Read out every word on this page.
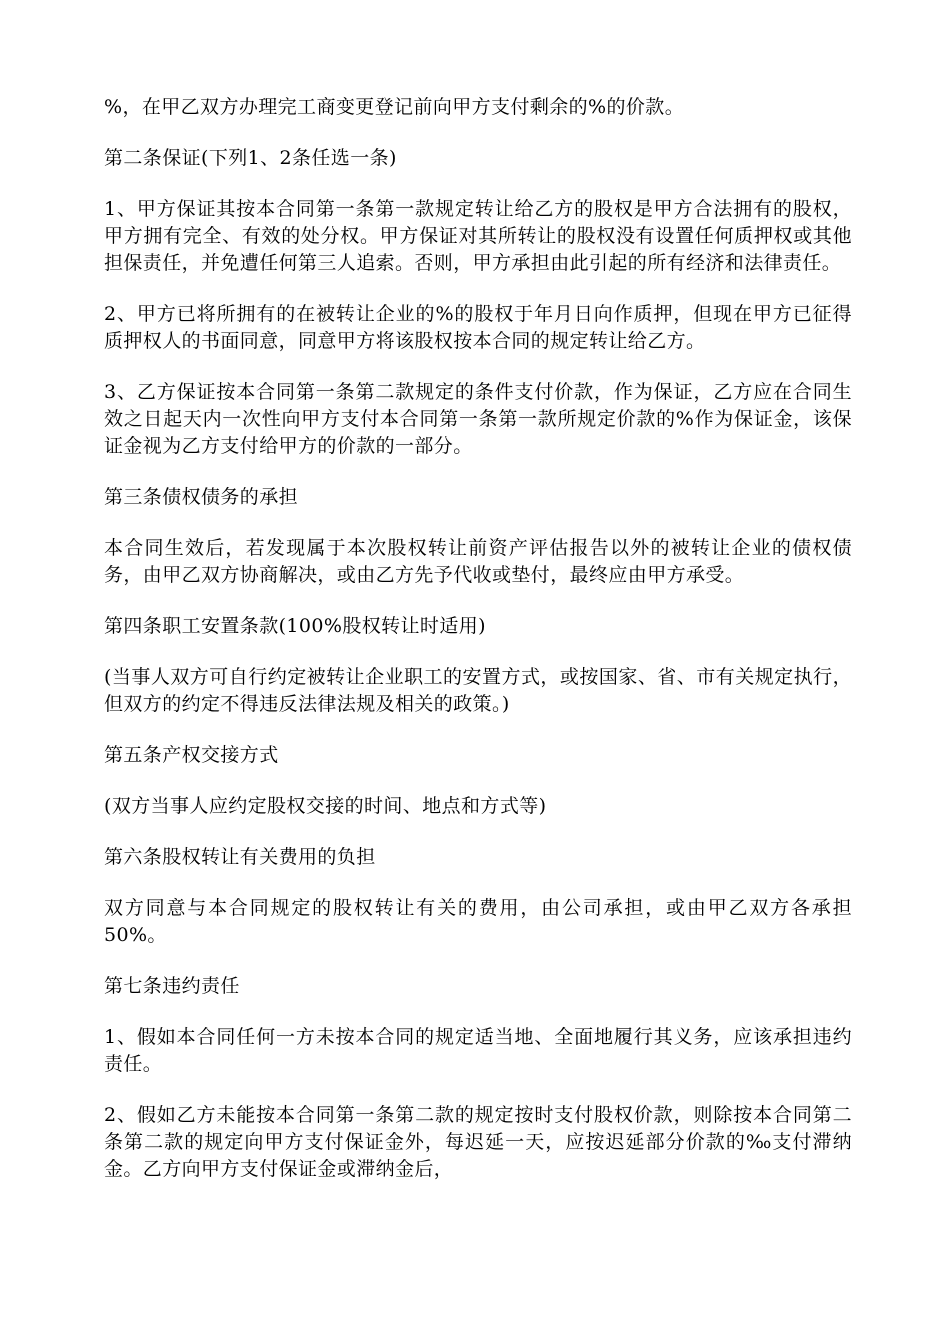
%，在甲乙双方办理完工商变更登记前向甲方支付剩余的%的价款。

第二条保证(下列1、2条任选一条)

1、甲方保证其按本合同第一条第一款规定转让给乙方的股权是甲方合法拥有的股权，甲方拥有完全、有效的处分权。甲方保证对其所转让的股权没有设置任何质押权或其他担保责任，并免遭任何第三人追索。否则，甲方承担由此引起的所有经济和法律责任。

2、甲方已将所拥有的在被转让企业的%的股权于年月日向作质押，但现在甲方已征得质押权人的书面同意，同意甲方将该股权按本合同的规定转让给乙方。

3、乙方保证按本合同第一条第二款规定的条件支付价款，作为保证，乙方应在合同生效之日起天内一次性向甲方支付本合同第一条第一款所规定价款的%作为保证金，该保证金视为乙方支付给甲方的价款的一部分。

第三条债权债务的承担

本合同生效后，若发现属于本次股权转让前资产评估报告以外的被转让企业的债权债务，由甲乙双方协商解决，或由乙方先予代收或垫付，最终应由甲方承受。

第四条职工安置条款(100%股权转让时适用)

(当事人双方可自行约定被转让企业职工的安置方式，或按国家、省、市有关规定执行，但双方的约定不得违反法律法规及相关的政策。)

第五条产权交接方式

(双方当事人应约定股权交接的时间、地点和方式等)

第六条股权转让有关费用的负担

双方同意与本合同规定的股权转让有关的费用，由公司承担，或由甲乙双方各承担50%。

第七条违约责任

1、假如本合同任何一方未按本合同的规定适当地、全面地履行其义务，应该承担违约责任。

2、假如乙方未能按本合同第一条第二款的规定按时支付股权价款，则除按本合同第二条第二款的规定向甲方支付保证金外，每迟延一天，应按迟延部分价款的‰支付滞纳金。乙方向甲方支付保证金或滞纳金后，
